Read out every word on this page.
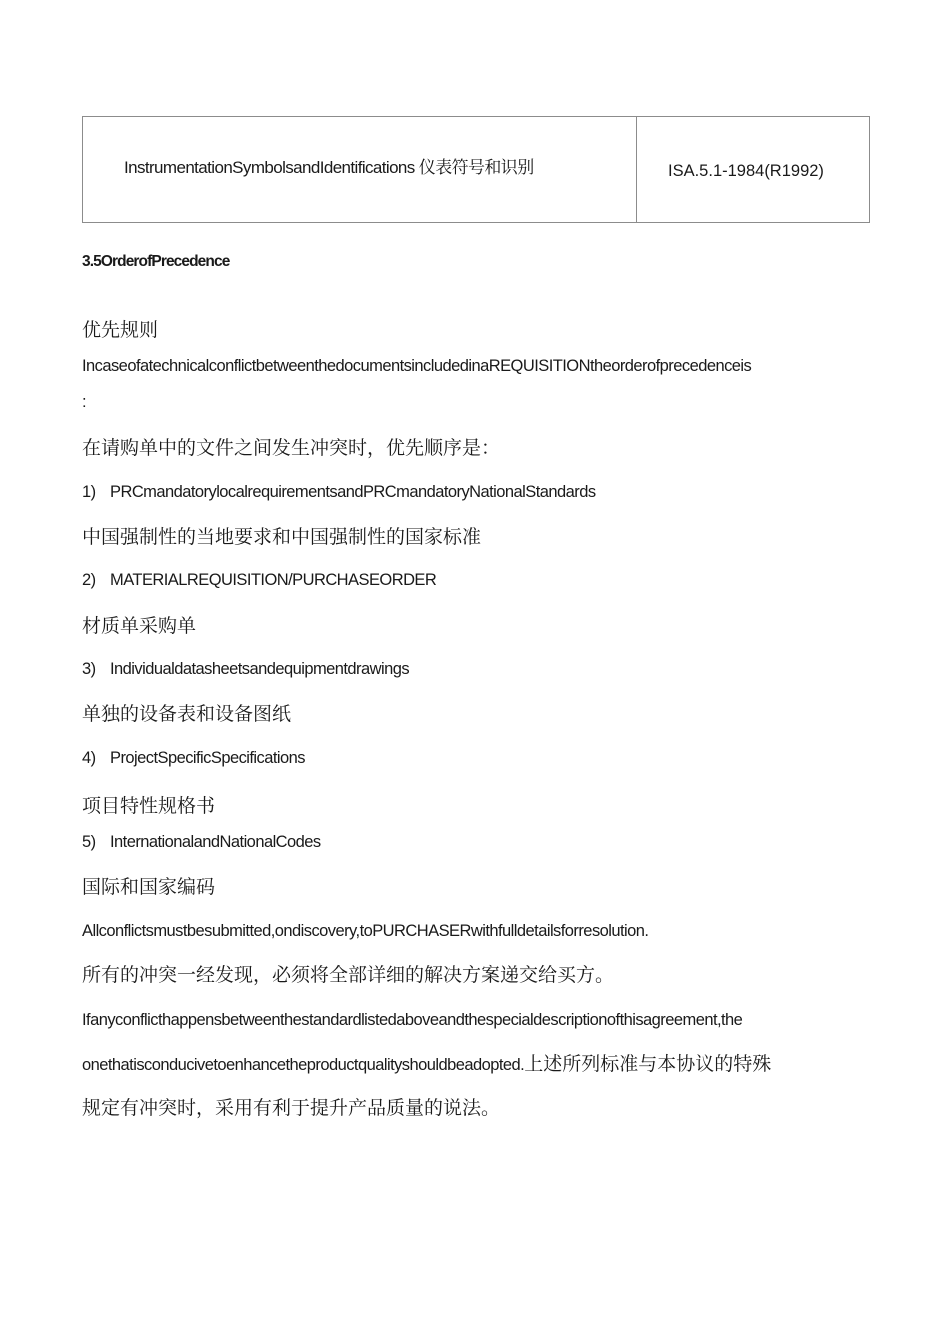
InstrumentationSymbolsandIdentifications 仪表符号和识别	ISA.5.1-1984(R1992)
3.5OrderofPrecedence
优先规则
IncaseofatechnicalconflictbetweenthedocumentsincludedinaREQUISITIONtheorderofprecedenceis
:
在请购单中的文件之间发生冲突时，优先顺序是：
1) PRCmandatorylocalrequirementsandPRCmandatoryNationalStandards
中国强制性的当地要求和中国强制性的国家标准
2) MATERIALREQUISITION/PURCHASEORDER
材质单采购单
3) Individualdatasheetsandequipmentdrawings
单独的设备表和设备图纸
4) ProjectSpecificSpecifications
项目特性规格书
5) InternationalandNationalCodes
国际和国家编码
Allconflictsmustbesubmitted,ondiscovery,toPURCHASERwithfulldetailsforresolution.
所有的冲突一经发现，必须将全部详细的解决方案递交给买方。
Ifanyconflicthappensbetweenthestandardlistedaboveandthespecialdescriptionofthisagreement,the
onethatisconducivetoenhancetheproductqualityshouldbeadopted.上述所列标准与本协议的特殊
规定有冲突时，采用有利于提升产品质量的说法。
